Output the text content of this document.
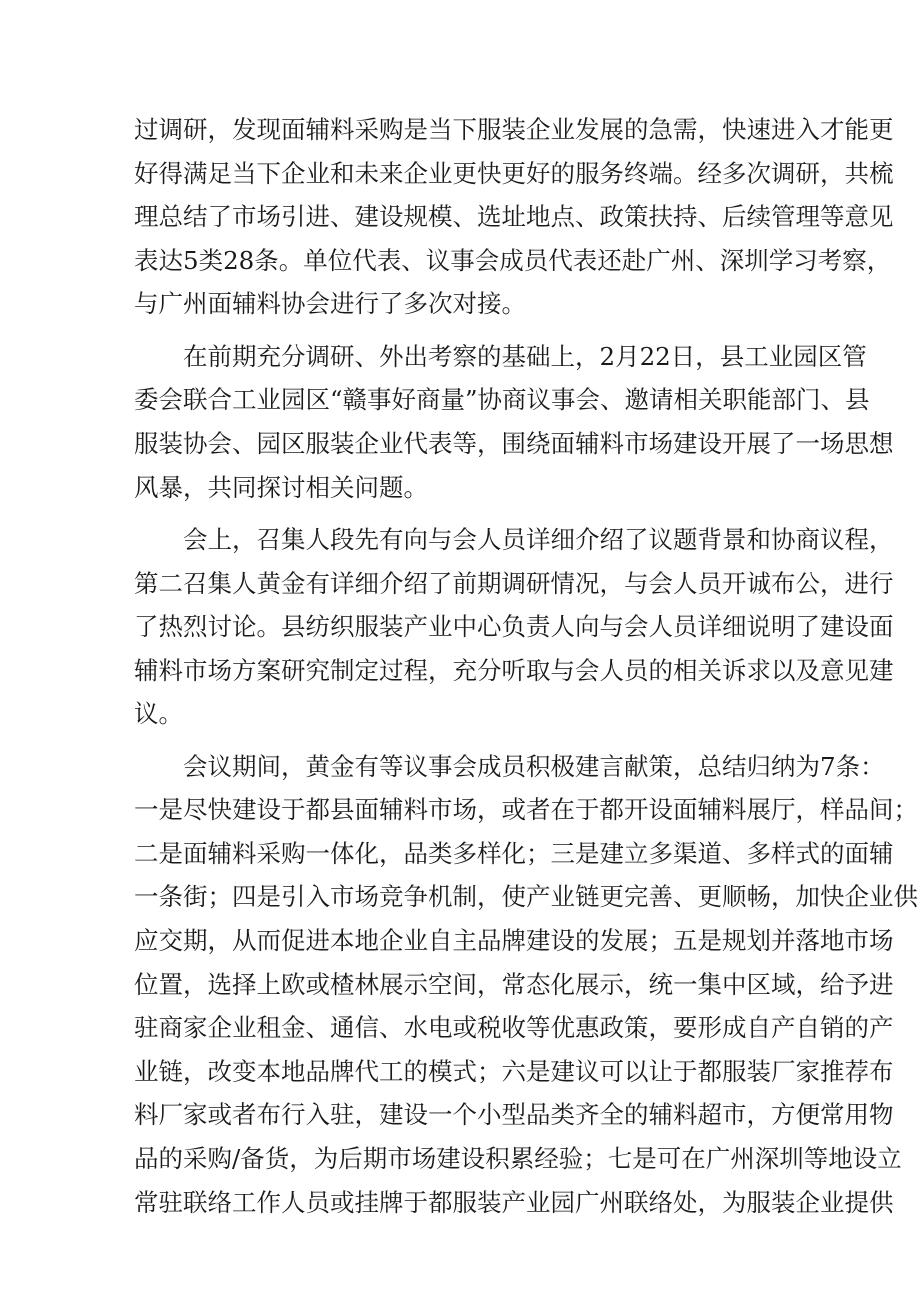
过调研，发现面辅料采购是当下服装企业发展的急需，快速进入才能更
好得满足当下企业和未来企业更快更好的服务终端。经多次调研，共梳
理总结了市场引进、建设规模、选址地点、政策扶持、后续管理等意见
表达5类28条。单位代表、议事会成员代表还赴广州、深圳学习考察，
与广州面辅料协会进行了多次对接。

在前期充分调研、外出考察的基础上，2月22日，县工业园区管
委会联合工业园区“赣事好商量”协商议事会、邀请相关职能部门、县
服装协会、园区服装企业代表等，围绕面辅料市场建设开展了一场思想
风暴，共同探讨相关问题。

会上，召集人段先有向与会人员详细介绍了议题背景和协商议程，
第二召集人黄金有详细介绍了前期调研情况，与会人员开诚布公，进行
了热烈讨论。县纺织服装产业中心负责人向与会人员详细说明了建设面
辅料市场方案研究制定过程，充分听取与会人员的相关诉求以及意见建
议。

会议期间，黄金有等议事会成员积极建言献策，总结归纳为7条：
一是尽快建设于都县面辅料市场，或者在于都开设面辅料展厅，样品间；
二是面辅料采购一体化，品类多样化；三是建立多渠道、多样式的面辅
一条街；四是引入市场竞争机制，使产业链更完善、更顺畅，加快企业供
应交期，从而促进本地企业自主品牌建设的发展；五是规划并落地市场
位置，选择上欧或楂林展示空间，常态化展示，统一集中区域，给予进
驻商家企业租金、通信、水电或税收等优惠政策，要形成自产自销的产
业链，改变本地品牌代工的模式；六是建议可以让于都服装厂家推荐布
料厂家或者布行入驻，建设一个小型品类齐全的辅料超市，方便常用物
品的采购/备货，为后期市场建设积累经验；七是可在广州深圳等地设立
常驻联络工作人员或挂牌于都服装产业园广州联络处，为服装企业提供
